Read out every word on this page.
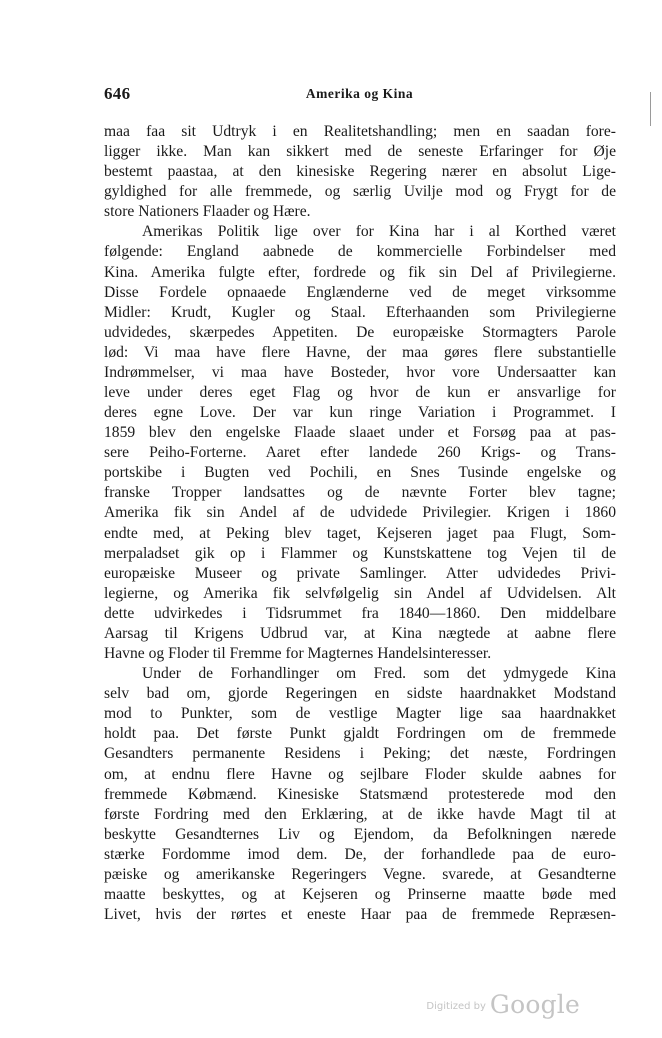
646	Amerika og Kina
maa faa sit Udtryk i en Realitetshandling; men en saadan fore-
ligger ikke. Man kan sikkert med de seneste Erfaringer for Øje
bestemt paastaa, at den kinesiske Regering nærer en absolut Lige-
gyldighed for alle fremmede, og særlig Uvilje mod og Frygt for de
store Nationers Flaader og Hære.
Amerikas Politik lige over for Kina har i al Korthed været
følgende: England aabnede de kommercielle Forbindelser med
Kina. Amerika fulgte efter, fordrede og fik sin Del af Privilegierne.
Disse Fordele opnaaede Englænderne ved de meget virksomme
Midler: Krudt, Kugler og Staal. Efterhaanden som Privilegierne
udvidedes, skærpedes Appetiten. De europæiske Stormagters Parole
lød: Vi maa have flere Havne, der maa gøres flere substantielle
Indrømmelser, vi maa have Bosteder, hvor vore Undersaatter kan
leve under deres eget Flag og hvor de kun er ansvarlige for
deres egne Love. Der var kun ringe Variation i Programmet. I
1859 blev den engelske Flaade slaaet under et Forsøg paa at pas-
sere Peiho-Forterne. Aaret efter landede 260 Krigs- og Trans-
portskibe i Bugten ved Pochili, en Snes Tusinde engelske og
franske Tropper landsattes og de nævnte Forter blev tagne;
Amerika fik sin Andel af de udvidede Privilegier. Krigen i 1860
endte med, at Peking blev taget, Kejseren jaget paa Flugt, Som-
merpaladset gik op i Flammer og Kunstskattene tog Vejen til de
europæiske Museer og private Samlinger. Atter udvidedes Privi-
legierne, og Amerika fik selvfølgelig sin Andel af Udvidelsen. Alt
dette udvirkedes i Tidsrummet fra 1840—1860. Den middelbare
Aarsag til Krigens Udbrud var, at Kina nægtede at aabne flere
Havne og Floder til Fremme for Magternes Handelsinteresser.
Under de Forhandlinger om Fred. som det ydmygede Kina
selv bad om, gjorde Regeringen en sidste haardnakket Modstand
mod to Punkter, som de vestlige Magter lige saa haardnakket
holdt paa. Det første Punkt gjaldt Fordringen om de fremmede
Gesandters permanente Residens i Peking; det næste, Fordringen
om, at endnu flere Havne og sejlbare Floder skulde aabnes for
fremmede Købmænd. Kinesiske Statsmænd protesterede mod den
første Fordring med den Erklæring, at de ikke havde Magt til at
beskytte Gesandternes Liv og Ejendom, da Befolkningen nærede
stærke Fordomme imod dem. De, der forhandlede paa de euro-
pæiske og amerikanske Regeringers Vegne. svarede, at Gesandterne
maatte beskyttes, og at Kejseren og Prinserne maatte bøde med
Livet, hvis der rørtes et eneste Haar paa de fremmede Repræsen-
$^{Digitized by}$ Google
